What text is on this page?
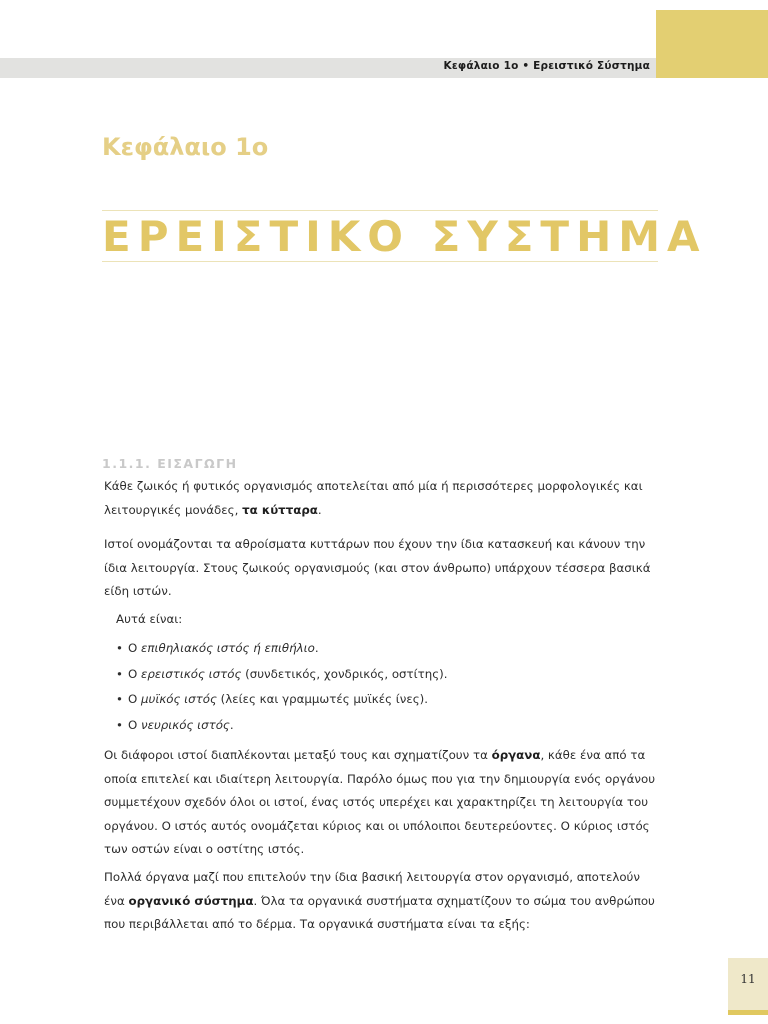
Κεφάλαιο 1ο • Ερειστικό Σύστημα
Κεφάλαιο 1ο
ΕΡΕΙΣΤΙΚΟ ΣΥΣΤΗΜΑ
1.1.1. ΕΙΣΑΓΩΓΗ
Κάθε ζωικός ή φυτικός οργανισμός αποτελείται από μία ή περισσότερες μορφολογικές και λειτουργικές μονάδες, τα κύτταρα.
Ιστοί ονομάζονται τα αθροίσματα κυττάρων που έχουν την ίδια κατασκευή και κάνουν την ίδια λειτουργία. Στους ζωικούς οργανισμούς (και στον άνθρωπο) υπάρχουν τέσσερα βασικά είδη ιστών.
Αυτά είναι:
• Ο επιθηλιακός ιστός ή επιθήλιο.
• Ο ερειστικός ιστός (συνδετικός, χονδρικός, οστίτης).
• Ο μυϊκός ιστός (λείες και γραμμωτές μυϊκές ίνες).
• Ο νευρικός ιστός.
Οι διάφοροι ιστοί διαπλέκονται μεταξύ τους και σχηματίζουν τα όργανα, κάθε ένα από τα οποία επιτελεί και ιδιαίτερη λειτουργία. Παρόλο όμως που για την δημιουργία ενός οργάνου συμμετέχουν σχεδόν όλοι οι ιστοί, ένας ιστός υπερέχει και χαρακτηρίζει τη λειτουργία του οργάνου. Ο ιστός αυτός ονομάζεται κύριος και οι υπόλοιποι δευτερεύοντες. Ο κύριος ιστός των οστών είναι ο οστίτης ιστός.
Πολλά όργανα μαζί που επιτελούν την ίδια βασική λειτουργία στον οργανισμό, αποτελούν ένα οργανικό σύστημα. Όλα τα οργανικά συστήματα σχηματίζουν το σώμα του ανθρώπου που περιβάλλεται από το δέρμα. Τα οργανικά συστήματα είναι τα εξής:
11
